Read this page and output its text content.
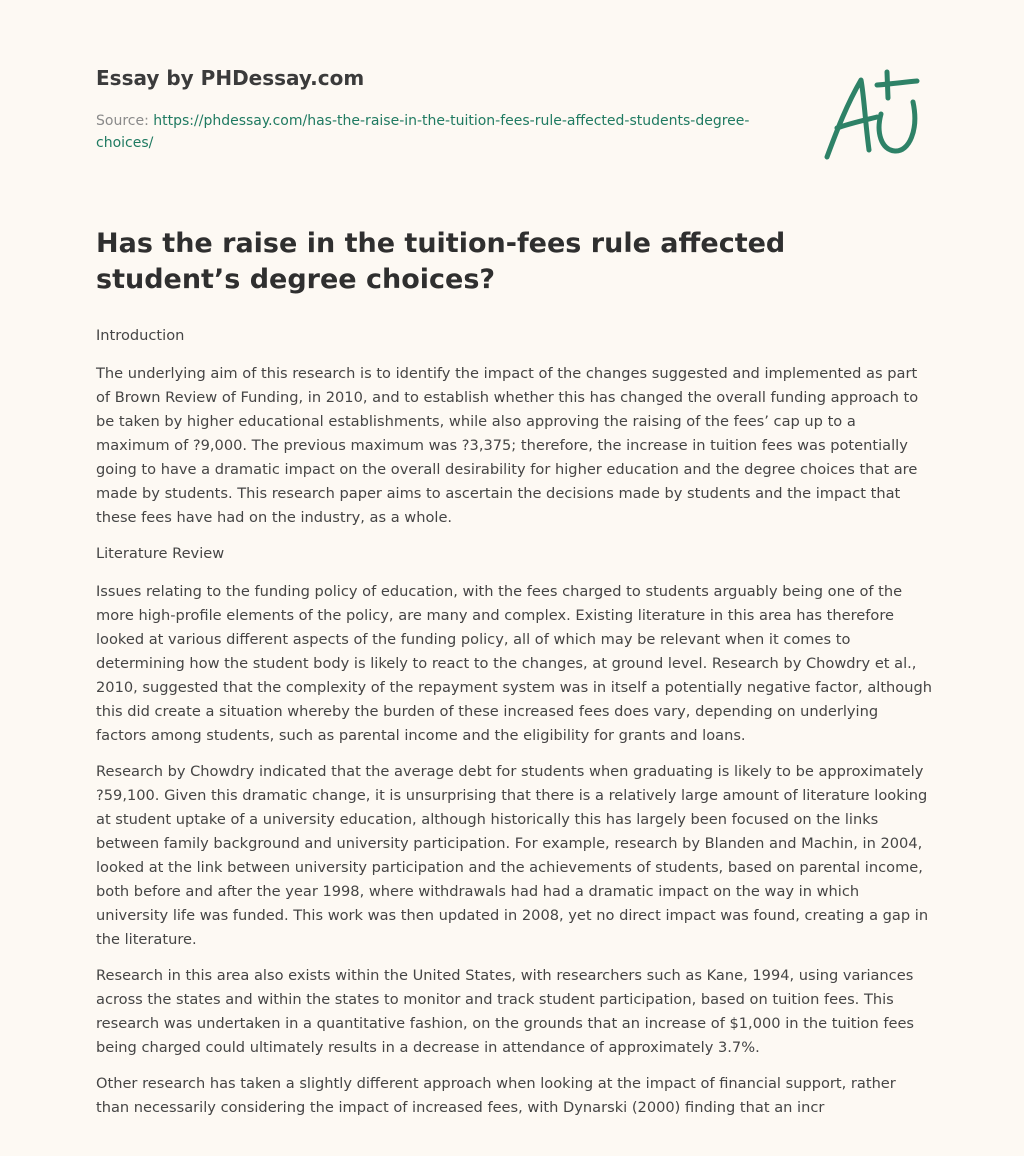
Essay by PHDessay.com
Source: https://phdessay.com/has-the-raise-in-the-tuition-fees-rule-affected-students-degree-choices/
Has the raise in the tuition-fees rule affected student’s degree choices?

Introduction

The underlying aim of this research is to identify the impact of the changes suggested and implemented as part of Brown Review of Funding, in 2010, and to establish whether this has changed the overall funding approach to be taken by higher educational establishments, while also approving the raising of the fees’ cap up to a maximum of ?9,000. The previous maximum was ?3,375; therefore, the increase in tuition fees was potentially going to have a dramatic impact on the overall desirability for higher education and the degree choices that are made by students. This research paper aims to ascertain the decisions made by students and the impact that these fees have had on the industry, as a whole.

Literature Review

Issues relating to the funding policy of education, with the fees charged to students arguably being one of the more high-profile elements of the policy, are many and complex. Existing literature in this area has therefore looked at various different aspects of the funding policy, all of which may be relevant when it comes to determining how the student body is likely to react to the changes, at ground level. Research by Chowdry et al., 2010, suggested that the complexity of the repayment system was in itself a potentially negative factor, although this did create a situation whereby the burden of these increased fees does vary, depending on underlying factors among students, such as parental income and the eligibility for grants and loans.

Research by Chowdry indicated that the average debt for students when graduating is likely to be approximately ?59,100. Given this dramatic change, it is unsurprising that there is a relatively large amount of literature looking at student uptake of a university education, although historically this has largely been focused on the links between family background and university participation. For example, research by Blanden and Machin, in 2004, looked at the link between university participation and the achievements of students, based on parental income, both before and after the year 1998, where withdrawals had had a dramatic impact on the way in which university life was funded. This work was then updated in 2008, yet no direct impact was found, creating a gap in the literature.

Research in this area also exists within the United States, with researchers such as Kane, 1994, using variances across the states and within the states to monitor and track student participation, based on tuition fees. This research was undertaken in a quantitative fashion, on the grounds that an increase of $1,000 in the tuition fees being charged could ultimately results in a decrease in attendance of approximately 3.7%.

Other research has taken a slightly different approach when looking at the impact of financial support, rather than necessarily considering the impact of increased fees, with Dynarski (2000) finding that an incr
